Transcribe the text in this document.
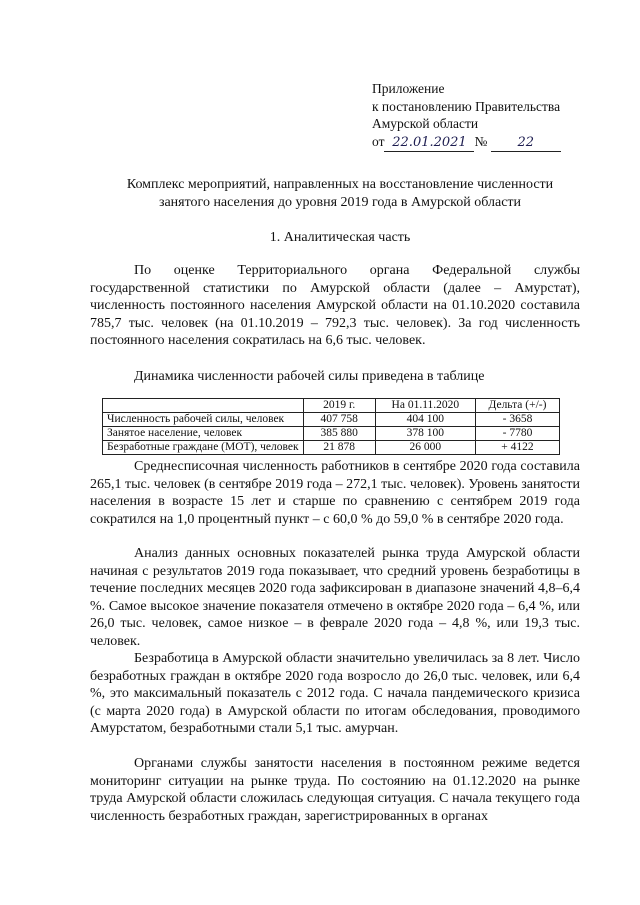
Приложение
к постановлению Правительства
Амурской области
от 22.01.2021 № 22
Комплекс мероприятий, направленных на восстановление численности
занятого населения до уровня 2019 года в Амурской области
1. Аналитическая часть
По оценке Территориального органа Федеральной службы государственной статистики по Амурской области (далее – Амурстат), численность постоянного населения Амурской области на 01.10.2020 составила 785,7 тыс. человек (на 01.10.2019 – 792,3 тыс. человек). За год численность постоянного населения сократилась на 6,6 тыс. человек.
Динамика численности рабочей силы приведена в таблице
	2019 г.	На 01.11.2020	Дельта (+/-)
Численность рабочей силы, человек	407 758	404 100	- 3658
Занятое население, человек	385 880	378 100	- 7780
Безработные граждане (МОТ), человек	21 878	26 000	+ 4122
Среднесписочная численность работников в сентябре 2020 года составила 265,1 тыс. человек (в сентябре 2019 года – 272,1 тыс. человек). Уровень занятости населения в возрасте 15 лет и старше по сравнению с сентябрем 2019 года сократился на 1,0 процентный пункт – с 60,0 % до 59,0 % в сентябре 2020 года.
Анализ данных основных показателей рынка труда Амурской области начиная с результатов 2019 года показывает, что средний уровень безработицы в течение последних месяцев 2020 года зафиксирован в диапазоне значений 4,8–6,4 %. Самое высокое значение показателя отмечено в октябре 2020 года – 6,4 %, или 26,0 тыс. человек, самое низкое – в феврале 2020 года – 4,8 %, или 19,3 тыс. человек.
Безработица в Амурской области значительно увеличилась за 8 лет. Число безработных граждан в октябре 2020 года возросло до 26,0 тыс. человек, или 6,4 %, это максимальный показатель с 2012 года. С начала пандемического кризиса (с марта 2020 года) в Амурской области по итогам обследования, проводимого Амурстатом, безработными стали 5,1 тыс. амурчан.
Органами службы занятости населения в постоянном режиме ведется мониторинг ситуации на рынке труда. По состоянию на 01.12.2020 на рынке труда Амурской области сложилась следующая ситуация. С начала текущего года численность безработных граждан, зарегистрированных в органах
